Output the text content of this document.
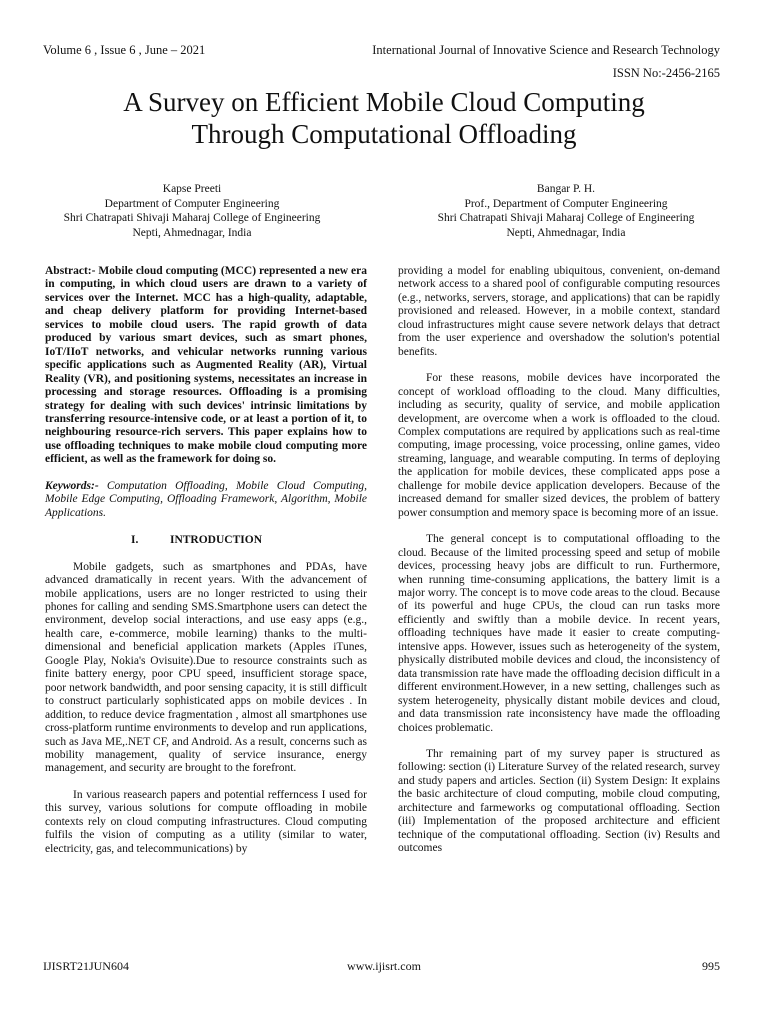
Volume 6 , Issue 6 , June – 2021	International Journal of Innovative Science and Research Technology
ISSN No:-2456-2165
A Survey on Efficient Mobile Cloud Computing
Through Computational Offloading
Kapse Preeti
Department of Computer Engineering
Shri Chatrapati Shivaji Maharaj College of Engineering
Nepti, Ahmednagar, India
Bangar P. H.
Prof., Department of Computer Engineering
Shri Chatrapati Shivaji Maharaj College of Engineering
Nepti, Ahmednagar, India

Abstract:- Mobile cloud computing (MCC) represented a new era in computing, in which cloud users are drawn to a variety of services over the Internet. MCC has a high-quality, adaptable, and cheap delivery platform for providing Internet-based services to mobile cloud users. The rapid growth of data produced by various smart devices, such as smart phones, IoT/IIoT networks, and vehicular networks running various specific applications such as Augmented Reality (AR), Virtual Reality (VR), and positioning systems, necessitates an increase in processing and storage resources. Offloading is a promising strategy for dealing with such devices' intrinsic limitations by transferring resource-intensive code, or at least a portion of it, to neighbouring resource-rich servers. This paper explains how to use offloading techniques to make mobile cloud computing more efficient, as well as the framework for doing so.

Keywords:- Computation Offloading, Mobile Cloud Computing, Mobile Edge Computing, Offloading Framework, Algorithm, Mobile Applications.

I.	INTRODUCTION

Mobile gadgets, such as smartphones and PDAs, have advanced dramatically in recent years. With the advancement of mobile applications, users are no longer restricted to using their phones for calling and sending SMS.Smartphone users can detect the environment, develop social interactions, and use easy apps (e.g., health care, e-commerce, mobile learning) thanks to the multi-dimensional and beneficial application markets (Apples iTunes, Google Play, Nokia's Ovisuite).Due to resource constraints such as finite battery energy, poor CPU speed, insufficient storage space, poor network bandwidth, and poor sensing capacity, it is still difficult to construct particularly sophisticated apps on mobile devices . In addition, to reduce device fragmentation , almost all smartphones use cross-platform runtime environments to develop and run applications, such as Java ME,.NET CF, and Android. As a result, concerns such as mobility management, quality of service insurance, energy management, and security are brought to the forefront.

In various reasearch papers and potential refferncess I used for this survey, various solutions for compute offloading in mobile contexts rely on cloud computing infrastructures. Cloud computing fulfils the vision of computing as a utility (similar to water, electricity, gas, and telecommunications) by

providing a model for enabling ubiquitous, convenient, on-demand network access to a shared pool of configurable computing resources (e.g., networks, servers, storage, and applications) that can be rapidly provisioned and released. However, in a mobile context, standard cloud infrastructures might cause severe network delays that detract from the user experience and overshadow the solution's potential benefits.

For these reasons, mobile devices have incorporated the concept of workload offloading to the cloud. Many difficulties, including as security, quality of service, and mobile application development, are overcome when a work is offloaded to the cloud. Complex computations are required by applications such as real-time computing, image processing, voice processing, online games, video streaming, language, and wearable computing. In terms of deploying the application for mobile devices, these complicated apps pose a challenge for mobile device application developers. Because of the increased demand for smaller sized devices, the problem of battery power consumption and memory space is becoming more of an issue.

The general concept is to computational offloading to the cloud. Because of the limited processing speed and setup of mobile devices, processing heavy jobs are difficult to run. Furthermore, when running time-consuming applications, the battery limit is a major worry. The concept is to move code areas to the cloud. Because of its powerful and huge CPUs, the cloud can run tasks more efficiently and swiftly than a mobile device. In recent years, offloading techniques have made it easier to create computing-intensive apps. However, issues such as heterogeneity of the system, physically distributed mobile devices and cloud, the inconsistency of data transmission rate have made the offloading decision difficult in a different environment.However, in a new setting, challenges such as system heterogeneity, physically distant mobile devices and cloud, and data transmission rate inconsistency have made the offloading choices problematic.

Thr remaining part of my survey paper is structured as following: section (i) Literature Survey of the related research, survey and study papers and articles. Section (ii) System Design: It explains the basic architecture of cloud computing, mobile cloud computing, architecture and farmeworks og computational offloading. Section (iii) Implementation of the proposed architecture and efficient technique of the computational offloading. Section (iv) Results and outcomes

IJISRT21JUN604	www.ijisrt.com	995
